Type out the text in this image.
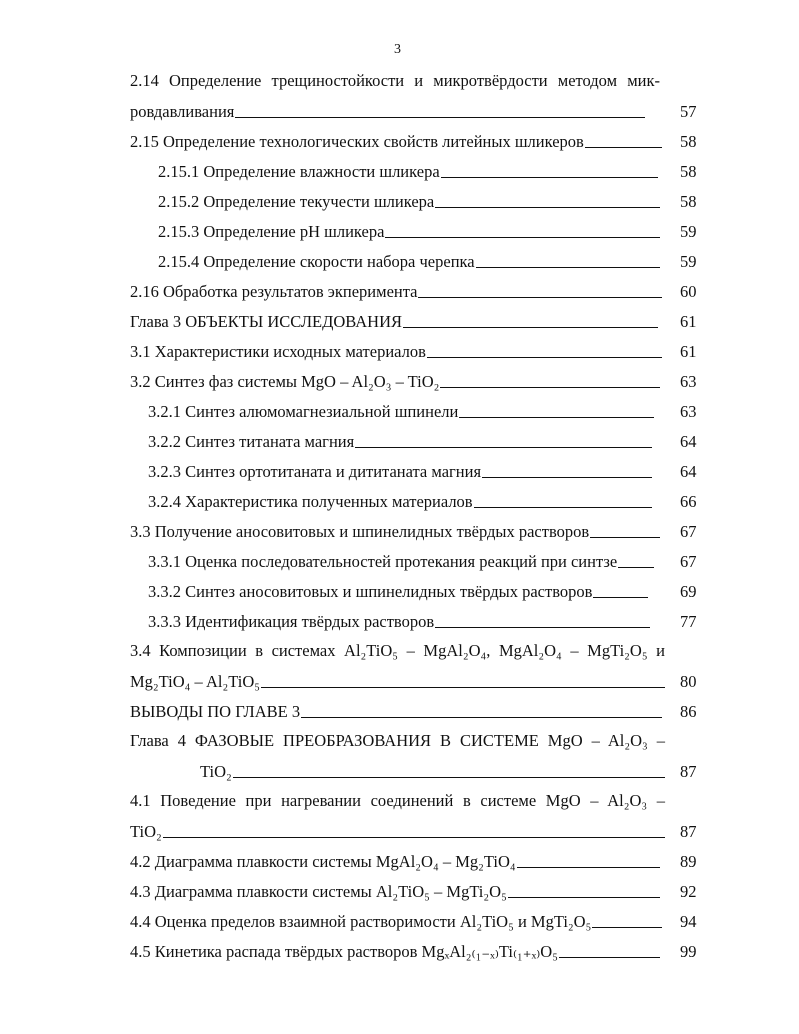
3
2.14 Определение трещиностойкости и микротвёрдости методом мик-
ровдавливания	57
2.15 Определение технологических свойств литейных шликеров	58
2.15.1 Определение влажности шликера	58
2.15.2 Определение текучести шликера	58
2.15.3 Определение pH шликера	59
2.15.4 Определение скорости набора черепка	59
2.16 Обработка результатов экперимента	60
Глава 3 ОБЪЕКТЫ ИССЛЕДОВАНИЯ	61
3.1 Характеристики исходных материалов	61
3.2 Синтез фаз системы MgO – Al₂O₃ – TiO₂	63
3.2.1 Синтез алюмомагнезиальной шпинели	63
3.2.2 Синтез титаната магния	64
3.2.3 Синтез ортотитаната и дититаната магния	64
3.2.4 Характеристика полученных материалов	66
3.3 Получение аносовитовых и шпинелидных твёрдых растворов	67
3.3.1 Оценка последовательностей протекания реакций при синтзе	67
3.3.2 Синтез аносовитовых и шпинелидных твёрдых растворов	69
3.3.3 Идентификация твёрдых растворов	77
3.4 Композиции в системах Al₂TiO₅ – MgAl₂O₄, MgAl₂O₄ – MgTi₂O₅ и
Mg₂TiO₄ – Al₂TiO₅	80
ВЫВОДЫ ПО ГЛАВЕ 3	86
Глава 4 ФАЗОВЫЕ ПРЕОБРАЗОВАНИЯ В СИСТЕМЕ MgO – Al₂O₃ –
TiO₂	87
4.1 Поведение при нагревании соединений в системе MgO – Al₂O₃ –
TiO₂	87
4.2 Диаграмма плавкости системы MgAl₂O₄ – Mg₂TiO₄	89
4.3 Диаграмма плавкости системы Al₂TiO₅ – MgTi₂O₅	92
4.4 Оценка пределов взаимной растворимости Al₂TiO₅ и MgTi₂O₅	94
4.5 Кинетика распада твёрдых растворов MgₓAl₂₍₁₋ₓ₎Ti₍₁₊ₓ₎O₅	99
